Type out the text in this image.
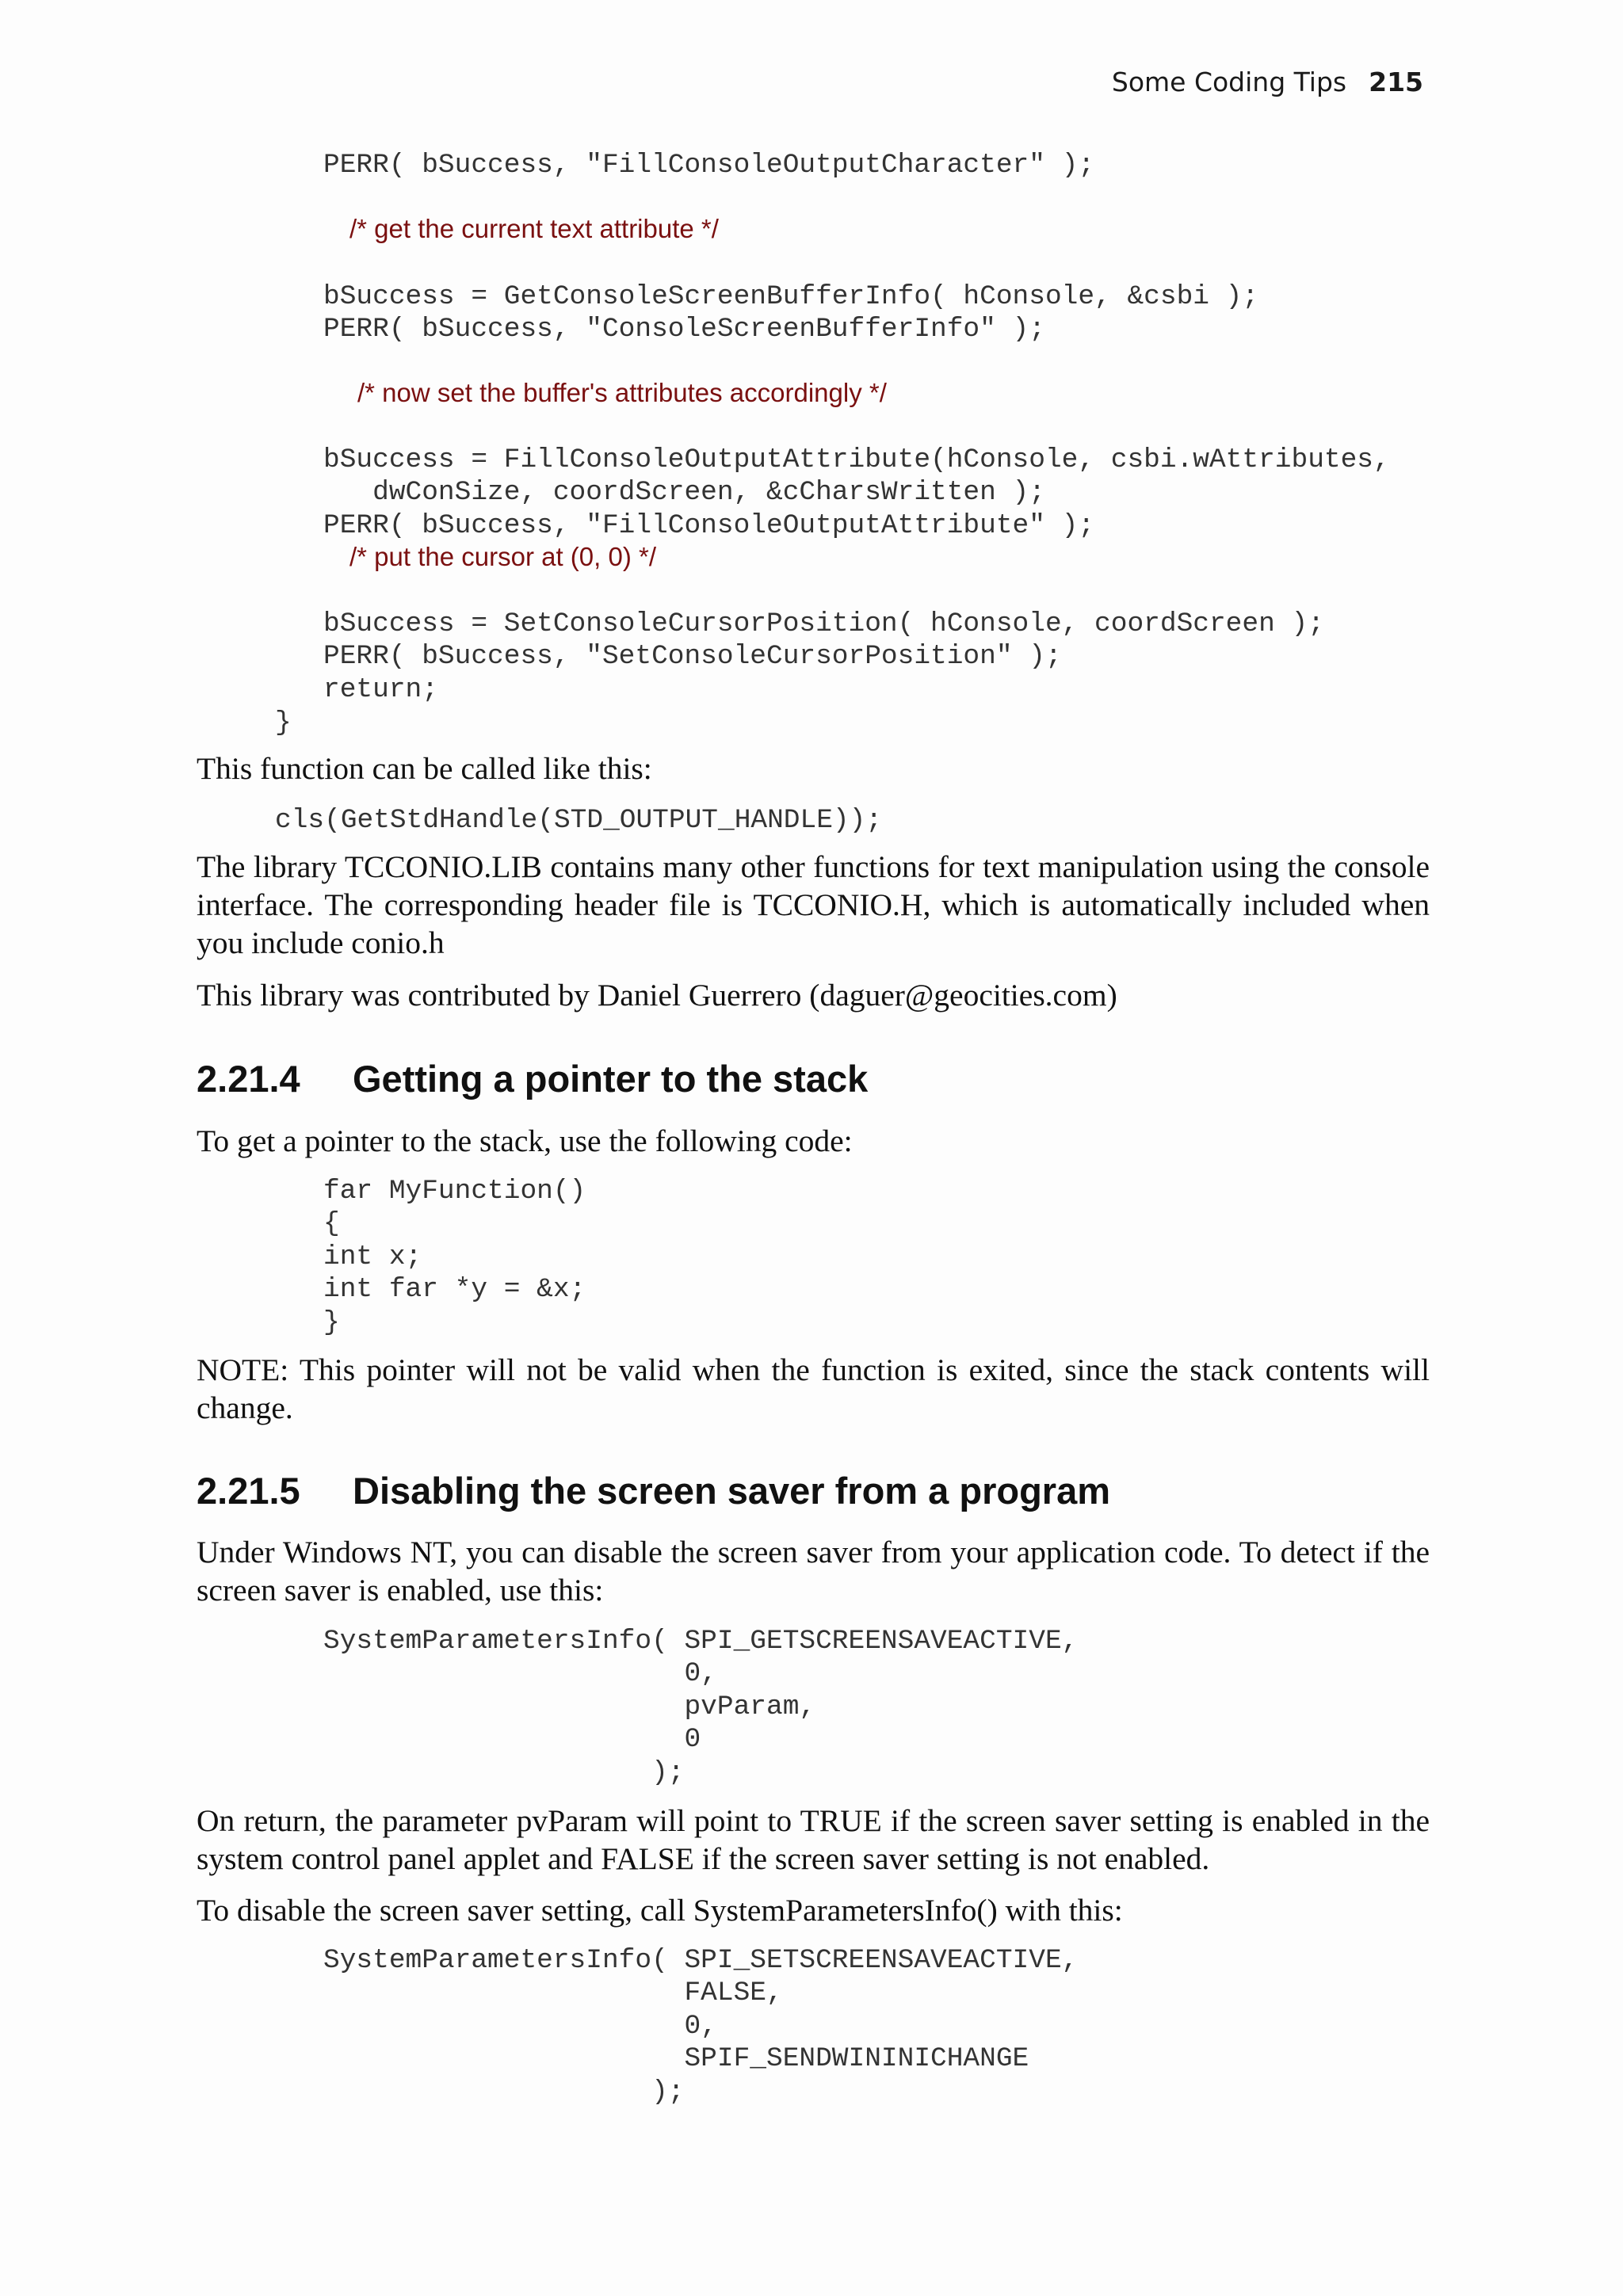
Some Coding Tips 215
PERR( bSuccess, "FillConsoleOutputCharacter" );
/* get the current text attribute */
bSuccess = GetConsoleScreenBufferInfo( hConsole, &csbi );
PERR( bSuccess, "ConsoleScreenBufferInfo" );
/* now set the buffer's attributes accordingly */
bSuccess = FillConsoleOutputAttribute(hConsole, csbi.wAttributes,
dwConSize, coordScreen, &cCharsWritten );
PERR( bSuccess, "FillConsoleOutputAttribute" );
/* put the cursor at (0, 0) */
bSuccess = SetConsoleCursorPosition( hConsole, coordScreen );
PERR( bSuccess, "SetConsoleCursorPosition" );
return;
}

This function can be called like this:

cls(GetStdHandle(STD_OUTPUT_HANDLE));

The library TCCONIO.LIB contains many other functions for text manipulation using the console interface. The corresponding header file is TCCONIO.H, which is automatically included when you include conio.h

This library was contributed by Daniel Guerrero (daguer@geocities.com)

2.21.4 Getting a pointer to the stack

To get a pointer to the stack, use the following code:

far MyFunction()
{
int x;
int far *y = &x;
}

NOTE: This pointer will not be valid when the function is exited, since the stack contents will change.

2.21.5 Disabling the screen saver from a program

Under Windows NT, you can disable the screen saver from your application code. To detect if the screen saver is enabled, use this:

SystemParametersInfo( SPI_GETSCREENSAVEACTIVE,
0,
pvParam,
0
);

On return, the parameter pvParam will point to TRUE if the screen saver setting is enabled in the system control panel applet and FALSE if the screen saver setting is not enabled.

To disable the screen saver setting, call SystemParametersInfo() with this:

SystemParametersInfo( SPI_SETSCREENSAVEACTIVE,
FALSE,
0,
SPIF_SENDWININICHANGE
);
